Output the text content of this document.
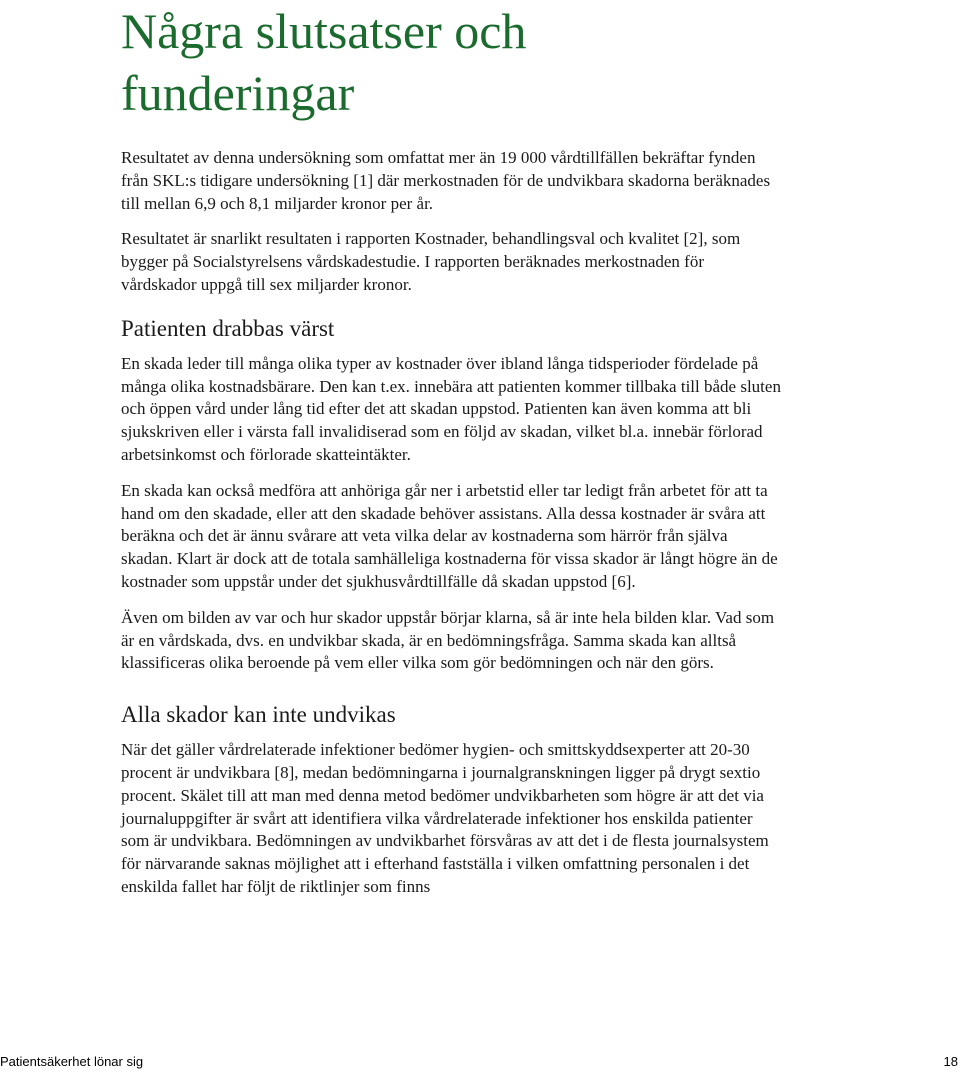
Några slutsatser och
funderingar

Resultatet av denna undersökning som omfattat mer än 19 000 vårdtillfällen bekräftar fynden från SKL:s tidigare undersökning [1] där merkostnaden för de undvikbara skadorna beräknades till mellan 6,9 och 8,1 miljarder kronor per år.

Resultatet är snarlikt resultaten i rapporten Kostnader, behandlingsval och kvalitet [2], som bygger på Socialstyrelsens vårdskadestudie. I rapporten beräknades merkostnaden för vårdskador uppgå till sex miljarder kronor.

Patienten drabbas värst

En skada leder till många olika typer av kostnader över ibland långa tidsperioder fördelade på många olika kostnadsbärare. Den kan t.ex. innebära att patienten kommer tillbaka till både sluten och öppen vård under lång tid efter det att skadan uppstod. Patienten kan även komma att bli sjukskriven eller i värsta fall invalidiserad som en följd av skadan, vilket bl.a. innebär förlorad arbetsinkomst och förlorade skatteintäkter.

En skada kan också medföra att anhöriga går ner i arbetstid eller tar ledigt från arbetet för att ta hand om den skadade, eller att den skadade behöver assistans. Alla dessa kostnader är svåra att beräkna och det är ännu svårare att veta vilka delar av kostnaderna som härrör från själva skadan. Klart är dock att de totala samhälleliga kostnaderna för vissa skador är långt högre än de kostnader som uppstår under det sjukhusvårdtillfälle då skadan uppstod [6].

Även om bilden av var och hur skador uppstår börjar klarna, så är inte hela bilden klar. Vad som är en vårdskada, dvs. en undvikbar skada, är en bedömningsfråga. Samma skada kan alltså klassificeras olika beroende på vem eller vilka som gör bedömningen och när den görs.

Alla skador kan inte undvikas

När det gäller vårdrelaterade infektioner bedömer hygien- och smittskyddsexperter att 20-30 procent är undvikbara [8], medan bedömningarna i journalgranskningen ligger på drygt sextio procent. Skälet till att man med denna metod bedömer undvikbarheten som högre är att det via journaluppgifter är svårt att identifiera vilka vårdrelaterade infektioner hos enskilda patienter som är undvikbara. Bedömningen av undvikbarhet försvåras av att det i de flesta journalsystem för närvarande saknas möjlighet att i efterhand fastställa i vilken omfattning personalen i det enskilda fallet har följt de riktlinjer som finns

Patientsäkerhet lönar sig	18
